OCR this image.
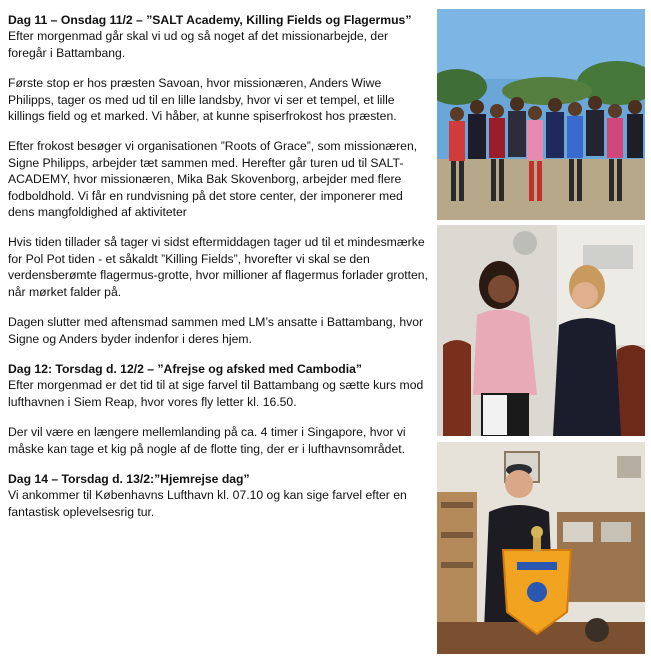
Dag 11 – Onsdag 11/2 – ”SALT Academy, Killing Fields og Flagermus”

Efter morgenmad går skal vi ud og så noget af det missionarbejde, der foregår i Battambang.

Første stop er hos præsten Savoan, hvor missionæren, Anders Wiwe Philipps, tager os med ud til en lille landsby, hvor vi ser et tempel, et lille killings field og et marked. Vi håber, at kunne spiserfrokost hos præsten.

Efter frokost besøger vi organisationen ”Roots of Grace”, som missionæren, Signe Philipps, arbejder tæt sammen med. Herefter går turen ud til SALT-ACADEMY, hvor missionæren, Mika Bak Skovenborg, arbejder med flere fodboldhold. Vi får en rundvisning på det store center, der imponerer med dens mangfoldighed af aktiviteter

Hvis tiden tillader så tager vi sidst eftermiddagen tager ud til et mindesmærke for Pol Pot tiden - et såkaldt ”Killing Fields”, hvorefter vi skal se den verdensberømte flagermus-grotte, hvor millioner af flagermus forlader grotten, når mørket falder på.

Dagen slutter med aftensmad sammen med LM’s ansatte i Battambang, hvor Signe og Anders byder indenfor i deres hjem.

Dag 12: Torsdag d. 12/2 – ”Afrejse og afsked med Cambodia”

Efter morgenmad er det tid til at sige farvel til Battambang og sætte kurs mod lufthavnen i Siem Reap, hvor vores fly letter kl. 16.50.

Der vil være en længere mellemlanding på ca. 4 timer i Singapore, hvor vi måske kan tage et kig på nogle af de flotte ting, der er i lufthavnsområdet.

Dag 14 – Torsdag d. 13/2:”Hjemrejse dag”

Vi ankommer til Københavns Lufthavn kl. 07.10 og kan sige farvel efter en fantastisk oplevelsesrig tur.
